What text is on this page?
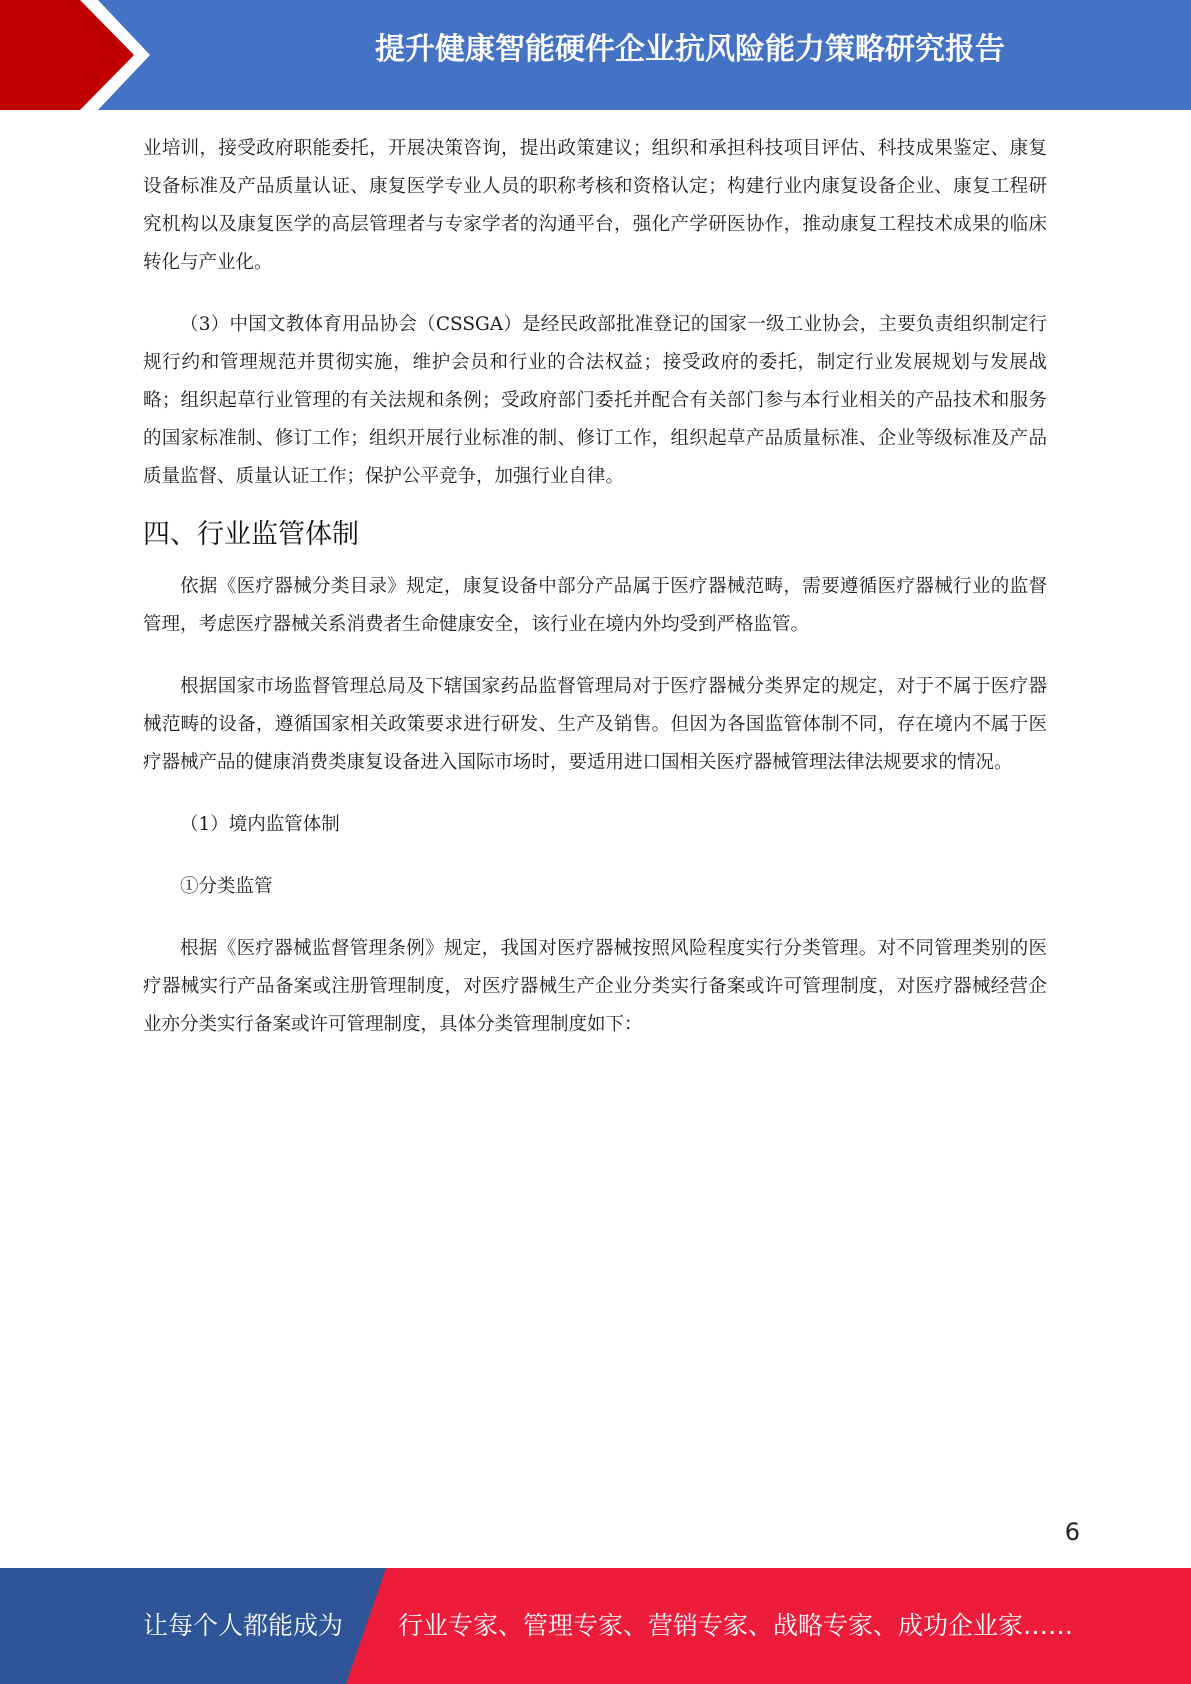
提升健康智能硬件企业抗风险能力策略研究报告

业培训，接受政府职能委托，开展决策咨询，提出政策建议；组织和承担科技项目评估、科技成果鉴定、康复设备标准及产品质量认证、康复医学专业人员的职称考核和资格认定；构建行业内康复设备企业、康复工程研究机构以及康复医学的高层管理者与专家学者的沟通平台，强化产学研医协作，推动康复工程技术成果的临床转化与产业化。

（3）中国文教体育用品协会（CSSGA）是经民政部批准登记的国家一级工业协会，主要负责组织制定行规行约和管理规范并贯彻实施，维护会员和行业的合法权益；接受政府的委托，制定行业发展规划与发展战略；组织起草行业管理的有关法规和条例；受政府部门委托并配合有关部门参与本行业相关的产品技术和服务的国家标准制、修订工作；组织开展行业标准的制、修订工作，组织起草产品质量标准、企业等级标准及产品质量监督、质量认证工作；保护公平竞争，加强行业自律。

四、行业监管体制

依据《医疗器械分类目录》规定，康复设备中部分产品属于医疗器械范畴，需要遵循医疗器械行业的监督管理，考虑医疗器械关系消费者生命健康安全，该行业在境内外均受到严格监管。

根据国家市场监督管理总局及下辖国家药品监督管理局对于医疗器械分类界定的规定，对于不属于医疗器械范畴的设备，遵循国家相关政策要求进行研发、生产及销售。但因为各国监管体制不同，存在境内不属于医疗器械产品的健康消费类康复设备进入国际市场时，要适用进口国相关医疗器械管理法律法规要求的情况。

（1）境内监管体制

①分类监管

根据《医疗器械监督管理条例》规定，我国对医疗器械按照风险程度实行分类管理。对不同管理类别的医疗器械实行产品备案或注册管理制度，对医疗器械生产企业分类实行备案或许可管理制度，对医疗器械经营企业亦分类实行备案或许可管理制度，具体分类管理制度如下：

6
让每个人都能成为 行业专家、管理专家、营销专家、战略专家、成功企业家……
